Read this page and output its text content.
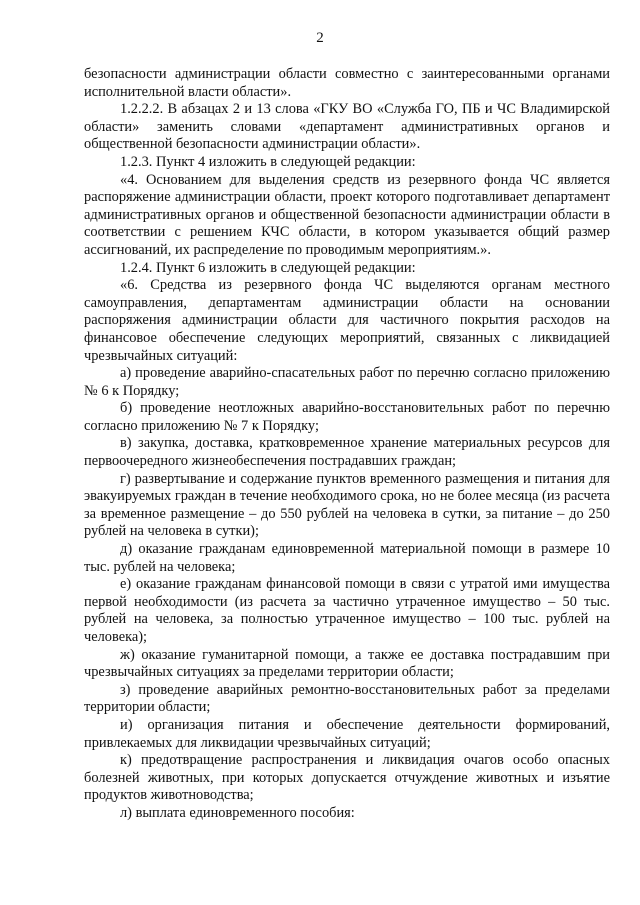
2

безопасности администрации области совместно с заинтересованными органами исполнительной власти области».

1.2.2.2. В абзацах 2 и 13 слова «ГКУ ВО «Служба ГО, ПБ и ЧС Владимирской области» заменить словами «департамент административных органов и общественной безопасности администрации области».

1.2.3. Пункт 4 изложить в следующей редакции:

«4. Основанием для выделения средств из резервного фонда ЧС является распоряжение администрации области, проект которого подготавливает департамент административных органов и общественной безопасности администрации области в соответствии с решением КЧС области, в котором указывается общий размер ассигнований, их распределение по проводимым мероприятиям.».

1.2.4. Пункт 6 изложить в следующей редакции:

«6. Средства из резервного фонда ЧС выделяются органам местного самоуправления, департаментам администрации области на основании распоряжения администрации области для частичного покрытия расходов на финансовое обеспечение следующих мероприятий, связанных с ликвидацией чрезвычайных ситуаций:

а) проведение аварийно-спасательных работ по перечню согласно приложению № 6 к Порядку;

б) проведение неотложных аварийно-восстановительных работ по перечню согласно приложению № 7 к Порядку;

в) закупка, доставка, кратковременное хранение материальных ресурсов для первоочередного жизнеобеспечения пострадавших граждан;

г) развертывание и содержание пунктов временного размещения и питания для эвакуируемых граждан в течение необходимого срока, но не более месяца (из расчета за временное размещение – до 550 рублей на человека в сутки, за питание – до 250 рублей на человека в сутки);

д) оказание гражданам единовременной материальной помощи в размере 10 тыс. рублей на человека;

е) оказание гражданам финансовой помощи в связи с утратой ими имущества первой необходимости (из расчета за частично утраченное имущество – 50 тыс. рублей на человека, за полностью утраченное имущество – 100 тыс. рублей на человека);

ж) оказание гуманитарной помощи, а также ее доставка пострадавшим при чрезвычайных ситуациях за пределами территории области;

з) проведение аварийных ремонтно-восстановительных работ за пределами территории области;

и) организация питания и обеспечение деятельности формирований, привлекаемых для ликвидации чрезвычайных ситуаций;

к) предотвращение распространения и ликвидация очагов особо опасных болезней животных, при которых допускается отчуждение животных и изъятие продуктов животноводства;

л) выплата единовременного пособия:
